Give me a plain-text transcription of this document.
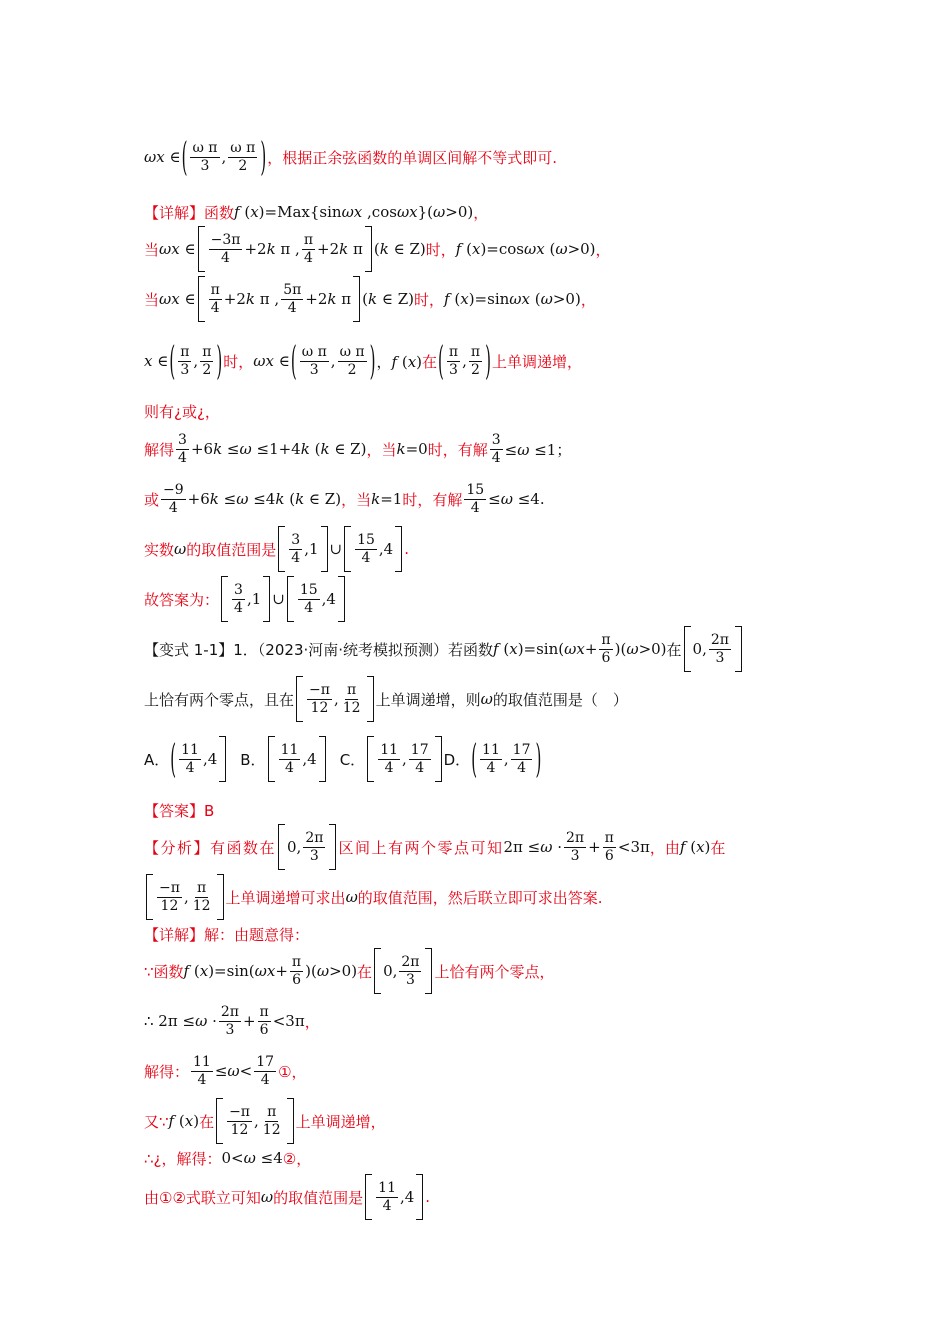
ωx ∈ ( $\frac{\text{ω π}}{3}$ , $\frac{\text{ω π}}{2}$ ) ，根据正余弦函数的单调区间解不等式即可.
【详解】函数 f (x)=Max{sinωx ,cosωx}(ω>0) ，
当 ωx ∈ $\frac{-3\pi}{4} +2k$ π , $\frac{\pi}{4} +2k$ π (k ∈ Z) 时， f (x)=cosωx (ω>0) ，
当 ωx ∈ $\frac{\pi}{4} +2k$ π , $\frac{5\pi}{4} +2k$ π (k ∈ Z) 时， f (x)=sinωx (ω>0) ，
x ∈ ( $\frac{\pi}{3}$ , $\frac{\pi}{2}$ ) 时， ωx ∈ ( $\frac{\text{ω π}}{3}$ , $\frac{\text{ω π}}{2}$ ) ，f (x) 在 ( $\frac{\pi}{3}$ , $\frac{\pi}{2}$ ) 上单调递增，
则有¿或¿，
解得 $\frac{3}{4} +6k \le\omega \le 1+4k$ (k ∈ Z) ，当 k=0 时，有解 $\frac{3}{4} \le\omega \le 1$；
或 $\frac{-9}{4} +6k \le\omega \le 4k$ (k ∈ Z) ，当 k=1 时，有解 $\frac{15}{4} \le\omega \le 4$.
实数 ω 的取值范围是 $\frac{3}{4} ,1$ ∪ $\frac{15}{4} ,4$ .
故答案为： $\frac{3}{4} ,1$ ∪ $\frac{15}{4} ,4$
【变式 1-1】1．（2023·河南·统考模拟预测）若函数 f $(x)=\sin(\omega x+ \frac{\pi}{6} )(\omega>0)$ 在 0, $\frac{2\pi}{3}$
上恰有两个零点，且在 $\frac{-\pi}{12}$ , $\frac{\pi}{12}$ 上单调递增，则 ω 的取值范围是（　）
A． ( $\frac{11}{4} ,4$ B． $\frac{11}{4} ,4$ C． $\frac{11}{4}$ , $\frac{17}{4}$ D． ( $\frac{11}{4}$ , $\frac{17}{4}$ )
【答案】B
【分析】有函数在 0, $\frac{2\pi}{3}$ 区间上有两个零点可知 $2\pi \le\omega \cdot \frac{2\pi}{3} + \frac{\pi}{6} <3\pi$ ，由 f (x) 在
$\frac{-\pi}{12}$ , $\frac{\pi}{12}$ 上单调递增可求出 ω 的取值范围，然后联立即可求出答案.
【详解】解：由题意得：
∵函数 f $(x)=\sin(\omega x+ \frac{\pi}{6} )(\omega>0)$ 在 0, $\frac{2\pi}{3}$ 上恰有两个零点，
∴ $2\pi \le\omega \cdot \frac{2\pi}{3} + \frac{\pi}{6} <3\pi$ ，
解得： $\frac{11}{4} \le\omega< \frac{17}{4}$ ①，
又∵ f (x) 在 $\frac{-\pi}{12}$ , $\frac{\pi}{12}$ 上单调递增，
∴¿，解得： 0<ω ≤4 ②，
由①②式联立可知 ω 的取值范围是 $\frac{11}{4} ,4$ .
